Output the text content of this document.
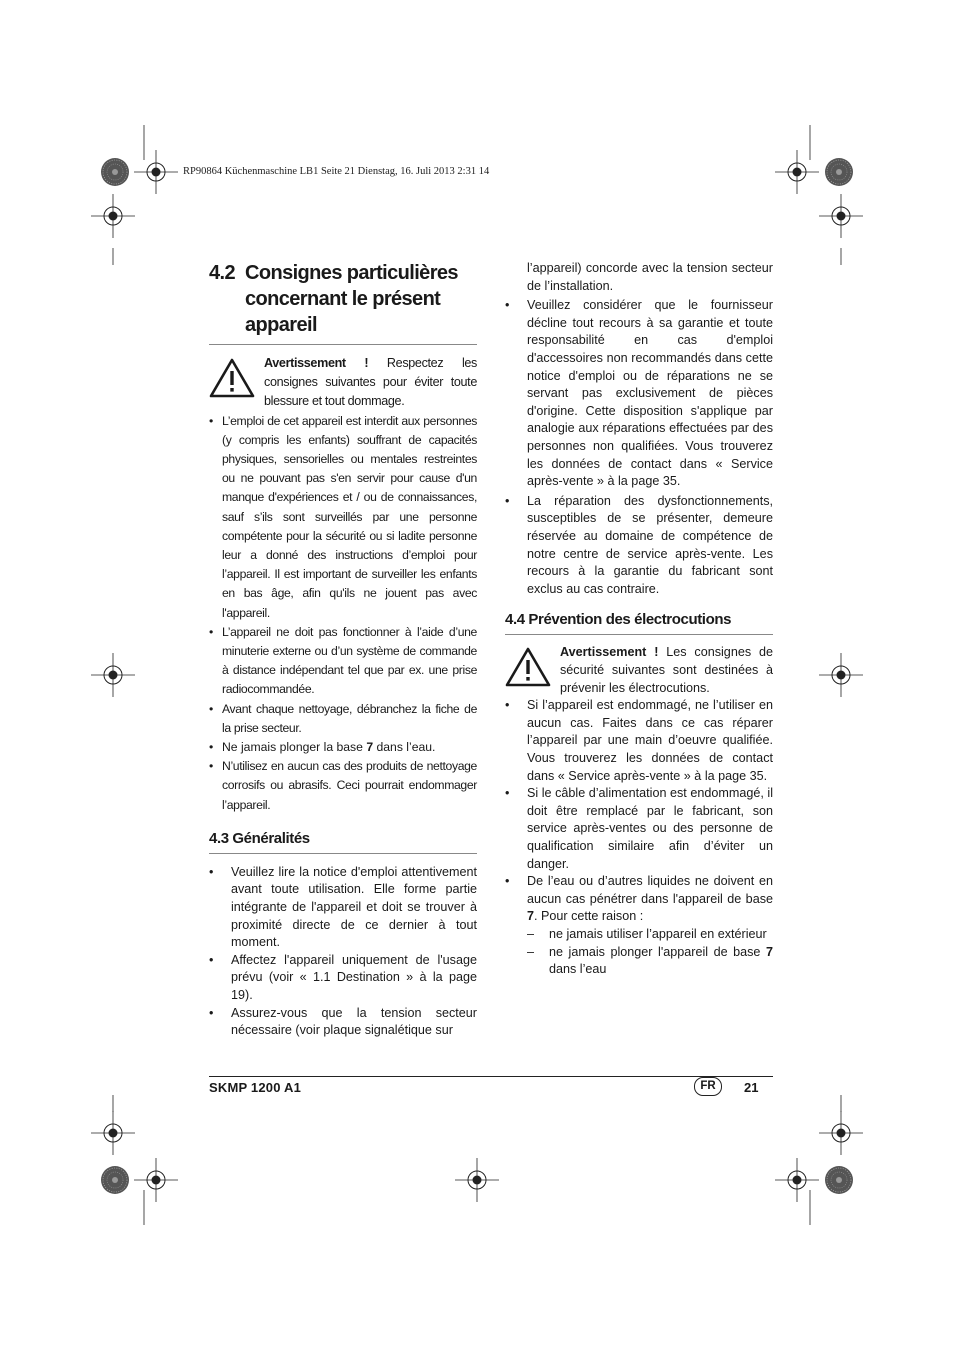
RP90864 Küchenmaschine LB1 Seite 21 Dienstag, 16. Juli 2013 2:31 14
4.2 Consignes particulières concernant le présent appareil
Avertissement ! Respectez les consignes suivantes pour éviter toute blessure et tout dommage.
• L’emploi de cet appareil est interdit aux personnes (y compris les enfants) souffrant de capacités physiques, sensorielles ou mentales restreintes ou ne pouvant pas s'en servir pour cause d'un manque d'expériences et / ou de connaissances, sauf s’ils sont surveillés par une personne compétente pour la sécurité ou si ladite personne leur a donné des instructions d’emploi pour l’appareil. Il est important de surveiller les enfants en bas âge, afin qu'ils ne jouent pas avec l'appareil.
• L’appareil ne doit pas fonctionner à l’aide d’une minuterie externe ou d’un système de commande à distance indépendant tel que par ex. une prise radiocommandée.
• Avant chaque nettoyage, débranchez la fiche de la prise secteur.
• Ne jamais plonger la base 7 dans l’eau.
• N’utilisez en aucun cas des produits de nettoyage corrosifs ou abrasifs. Ceci pourrait endommager l’appareil.
4.3 Généralités
• Veuillez lire la notice d'emploi attentivement avant toute utilisation. Elle forme partie intégrante de l'appareil et doit se trouver à proximité directe de ce dernier à tout moment.
• Affectez l'appareil uniquement de l'usage prévu (voir « 1.1 Destination » à la page 19).
• Assurez-vous que la tension secteur nécessaire (voir plaque signalétique sur
l’appareil) concorde avec la tension secteur de l’installation.
• Veuillez considérer que le fournisseur décline tout recours à sa garantie et toute responsabilité en cas d'emploi d'accessoires non recommandés dans cette notice d'emploi ou de réparations ne se servant pas exclusivement de pièces d'origine. Cette disposition s'applique par analogie aux réparations effectuées par des personnes non qualifiées. Vous trouverez les données de contact dans « Service après-vente » à la page 35.
• La réparation des dysfonctionnements, susceptibles de se présenter, demeure réservée au domaine de compétence de notre centre de service après-vente. Les recours à la garantie du fabricant sont exclus au cas contraire.
4.4 Prévention des électrocutions
Avertissement ! Les consignes de sécurité suivantes sont destinées à prévenir les électrocutions.
• Si l’appareil est endommagé, ne l’utiliser en aucun cas. Faites dans ce cas réparer l’appareil par une main d’oeuvre qualifiée. Vous trouverez les données de contact dans « Service après-vente » à la page 35.
• Si le câble d’alimentation est endommagé, il doit être remplacé par le fabricant, son service après-ventes ou des personne de qualification similaire afin d’éviter un danger.
• De l’eau ou d’autres liquides ne doivent en aucun cas pénétrer dans l'appareil de base 7. Pour cette raison :
– ne jamais utiliser l’appareil en extérieur
– ne jamais plonger l'appareil de base 7 dans l’eau
SKMP 1200 A1	FR	21
